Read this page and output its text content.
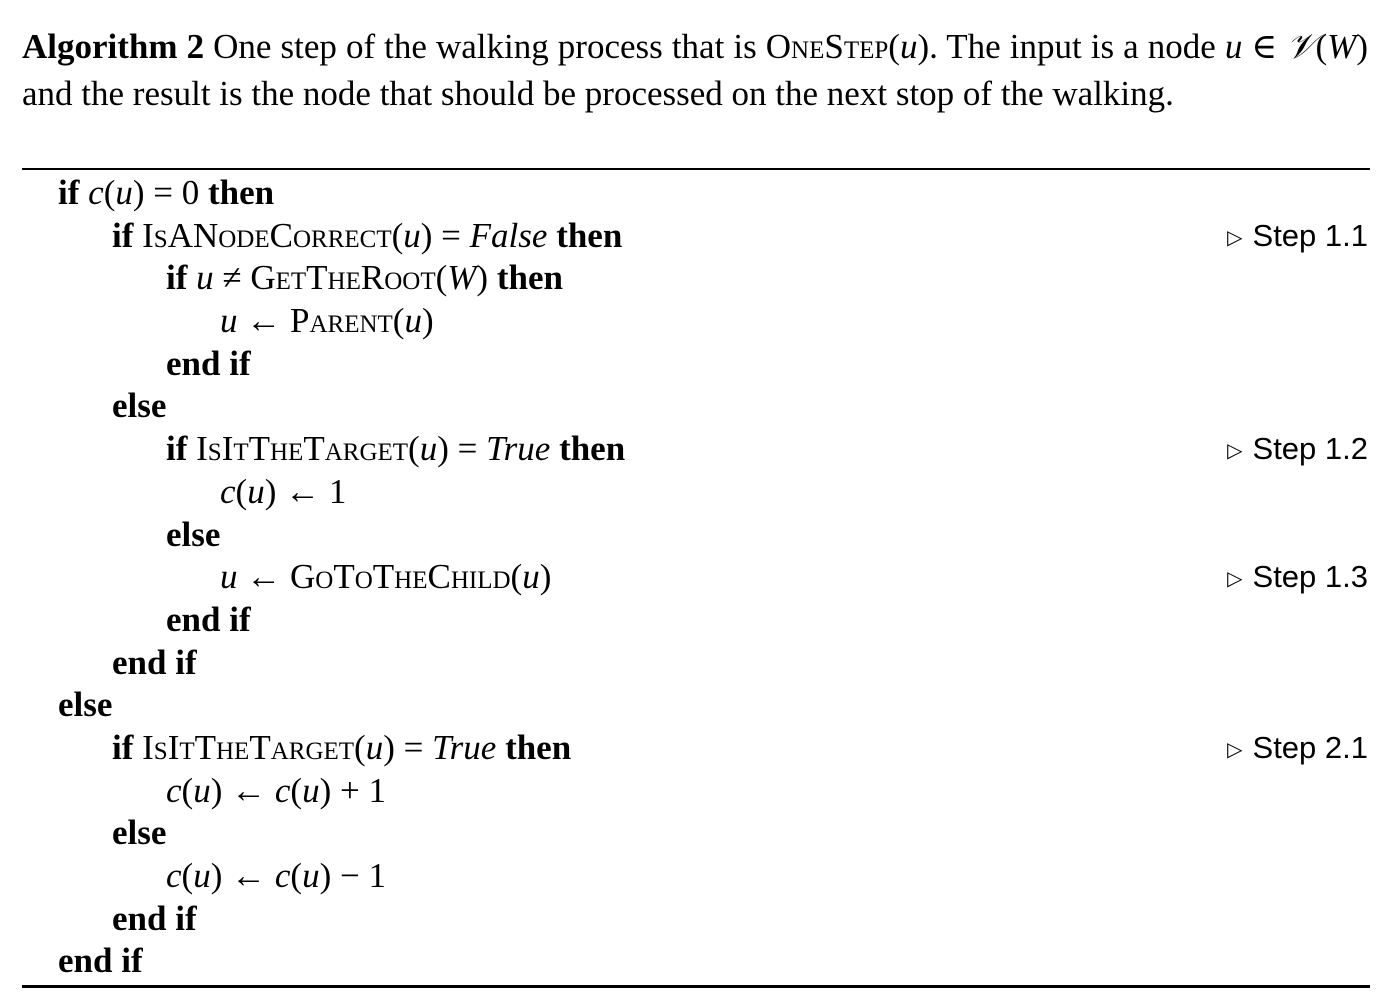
Algorithm 2 One step of the walking process that is OneStep(u). The input is a node u ∈ 𝒱(W) and the result is the node that should be processed on the next stop of the walking.
if c(u) = 0 then
if IsANodeCorrect(u) = False then	▷ Step 1.1
if u ≠ GetTheRoot(W) then
u ← Parent(u)
end if
else
if IsItTheTarget(u) = True then	▷ Step 1.2
c(u) ← 1
else
u ← GoToTheChild(u)	▷ Step 1.3
end if
end if
else
if IsItTheTarget(u) = True then	▷ Step 2.1
c(u) ← c(u) + 1
else
c(u) ← c(u) − 1
end if
end if
